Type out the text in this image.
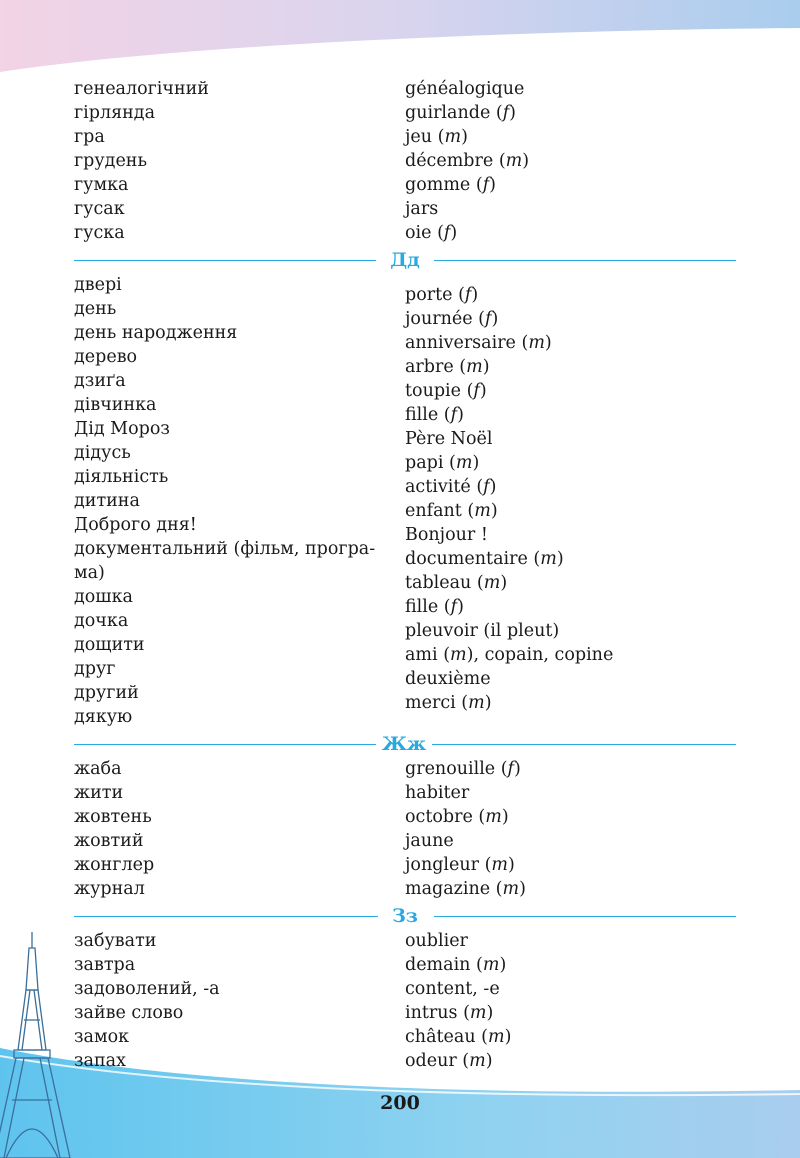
генеалогічний
гірлянда
гра
грудень
гумка
гусак
гуска
généalogique
guirlande (f)
jeu (m)
décembre (m)
gomme (f)
jars
oie (f)
Дд
двері
день
день народження
дерево
дзиґа
дівчинка
Дід Мороз
дідусь
діяльність
дитина
Доброго дня!
документальний (фільм, програ-ма)
дошка
дочка
дощити
друг
другий
дякую
porte (f)
journée (f)
anniversaire (m)
arbre (m)
toupie (f)
fille (f)
Père Noël
papi (m)
activité (f)
enfant (m)
Bonjour !
documentaire (m)
tableau (m)
fille (f)
pleuvoir (il pleut)
ami (m), copain, copine
deuxième
merci (m)
Жж
жаба
жити
жовтень
жовтий
жонглер
журнал
grenouille (f)
habiter
octobre (m)
jaune
jongleur (m)
magazine (m)
Зз
забувати
завтра
задоволений, -а
зайве слово
замок
запах
oublier
demain (m)
content, -e
intrus (m)
château (m)
odeur (m)
200
